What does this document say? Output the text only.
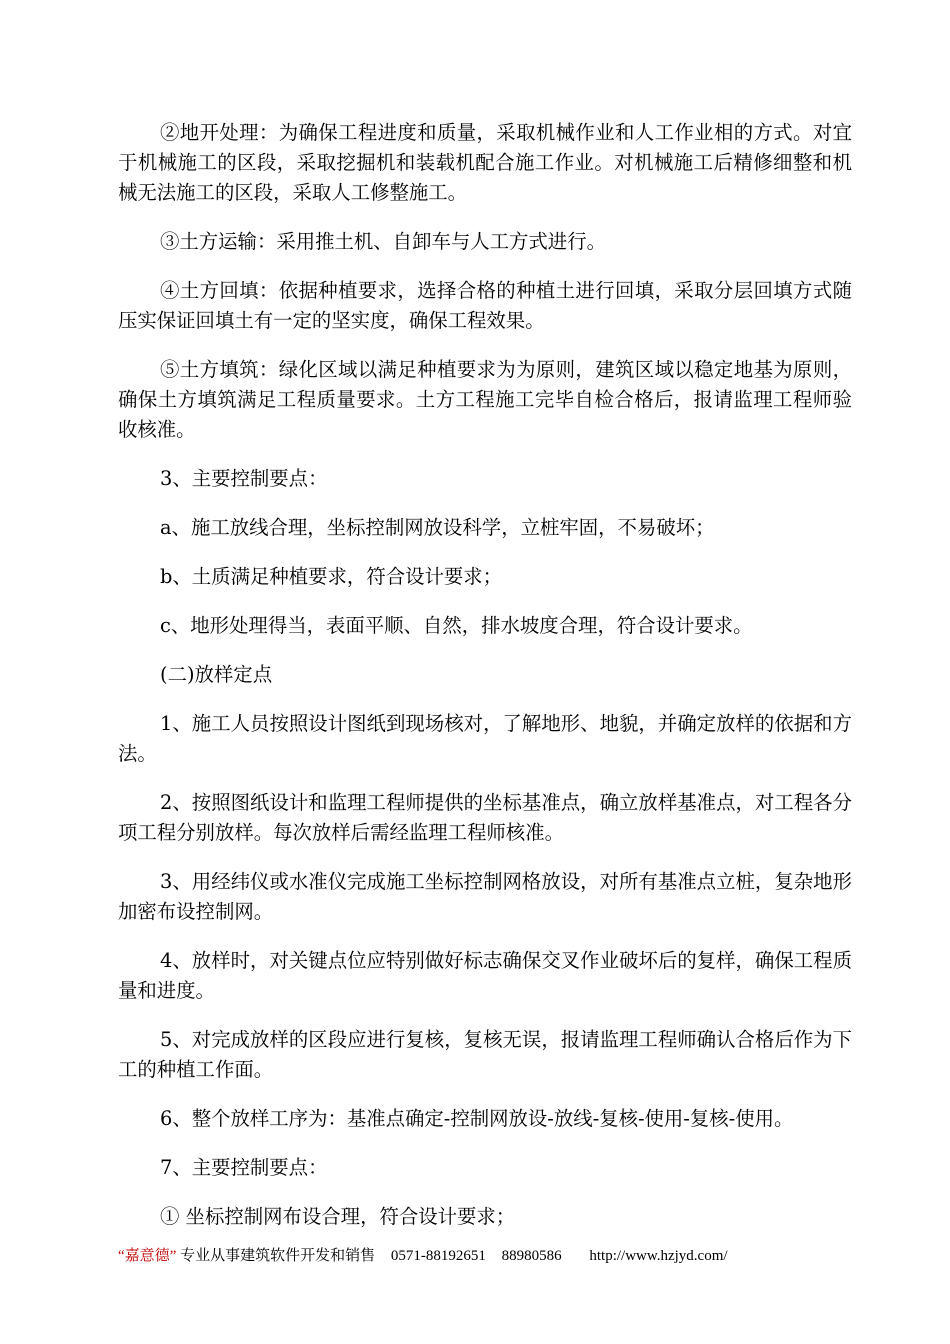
②地开处理：为确保工程进度和质量，采取机械作业和人工作业相的方式。对宜于机械施工的区段，采取挖掘机和装载机配合施工作业。对机械施工后精修细整和机械无法施工的区段，采取人工修整施工。

③土方运输：采用推土机、自卸车与人工方式进行。

④土方回填：依据种植要求，选择合格的种植土进行回填，采取分层回填方式随压实保证回填土有一定的坚实度，确保工程效果。

⑤土方填筑：绿化区域以满足种植要求为为原则，建筑区域以稳定地基为原则，确保土方填筑满足工程质量要求。土方工程施工完毕自检合格后，报请监理工程师验收核准。

3、主要控制要点：

a、施工放线合理，坐标控制网放设科学，立桩牢固，不易破坏；

b、土质满足种植要求，符合设计要求；

c、地形处理得当，表面平顺、自然，排水坡度合理，符合设计要求。

(二)放样定点

1、施工人员按照设计图纸到现场核对，了解地形、地貌，并确定放样的依据和方法。

2、按照图纸设计和监理工程师提供的坐标基准点，确立放样基准点，对工程各分项工程分别放样。每次放样后需经监理工程师核准。

3、用经纬仪或水准仪完成施工坐标控制网格放设，对所有基准点立桩，复杂地形加密布设控制网。

4、放样时，对关键点位应特别做好标志确保交叉作业破坏后的复样，确保工程质量和进度。

5、对完成放样的区段应进行复核，复核无误，报请监理工程师确认合格后作为下工的种植工作面。

6、整个放样工序为：基准点确定-控制网放设-放线-复核-使用-复核-使用。

7、主要控制要点：

① 坐标控制网布设合理，符合设计要求；

“嘉意德” 专业从事建筑软件开发和销售 0571-88192651 88980586 http://www.hzjyd.com/
